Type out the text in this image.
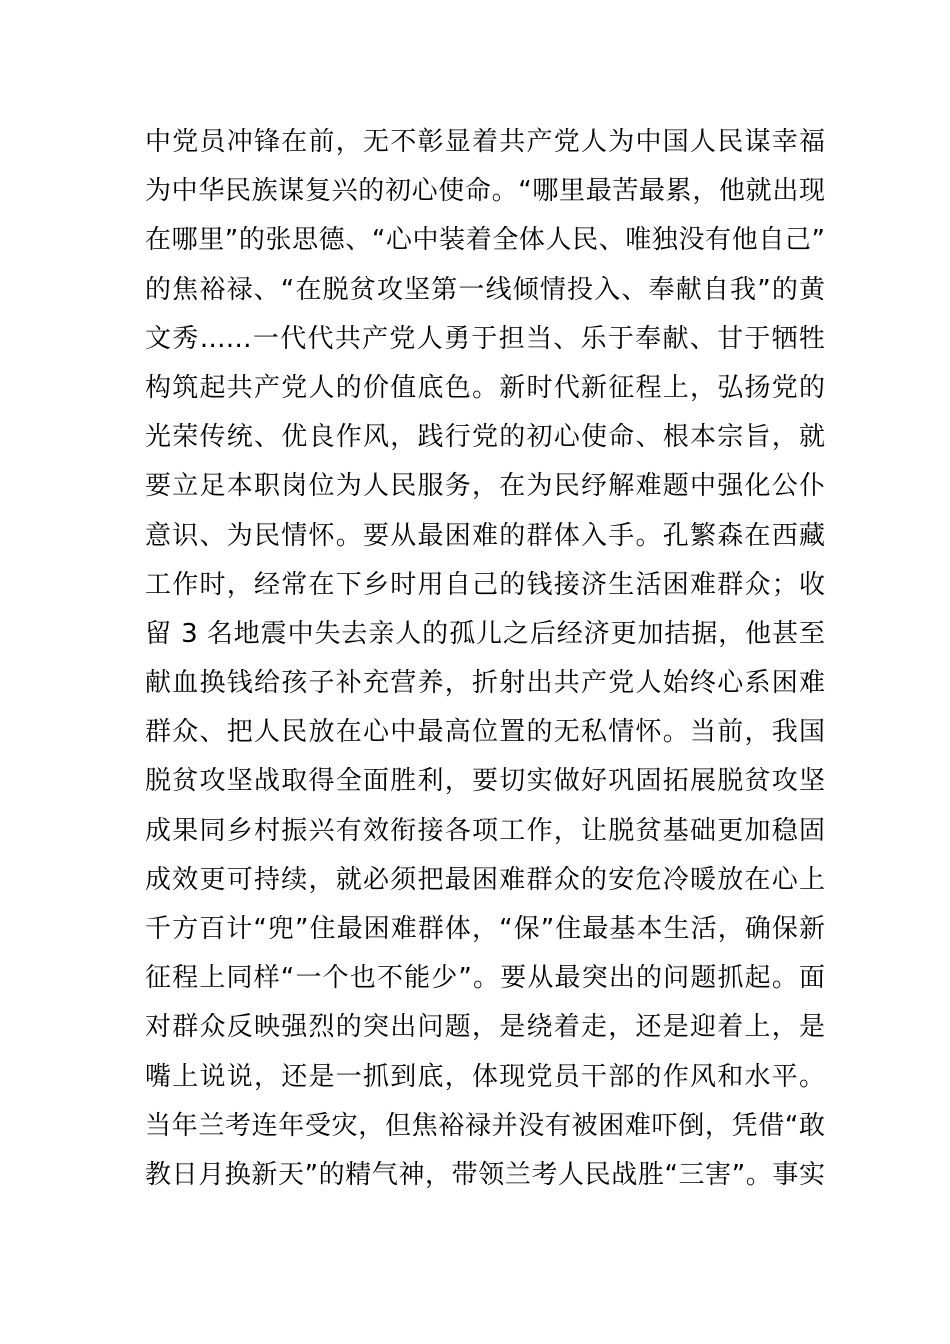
中党员冲锋在前，无不彰显着共产党人为中国人民谋幸福
为中华民族谋复兴的初心使命。“哪里最苦最累，他就出现
在哪里”的张思德、“心中装着全体人民、唯独没有他自己”
的焦裕禄、“在脱贫攻坚第一线倾情投入、奉献自我”的黄
文秀……一代代共产党人勇于担当、乐于奉献、甘于牺牲
构筑起共产党人的价值底色。新时代新征程上，弘扬党的
光荣传统、优良作风，践行党的初心使命、根本宗旨，就
要立足本职岗位为人民服务，在为民纾解难题中强化公仆
意识、为民情怀。要从最困难的群体入手。孔繁森在西藏
工作时，经常在下乡时用自己的钱接济生活困难群众；收
留 3 名地震中失去亲人的孤儿之后经济更加拮据，他甚至
献血换钱给孩子补充营养，折射出共产党人始终心系困难
群众、把人民放在心中最高位置的无私情怀。当前，我国
脱贫攻坚战取得全面胜利，要切实做好巩固拓展脱贫攻坚
成果同乡村振兴有效衔接各项工作，让脱贫基础更加稳固
成效更可持续，就必须把最困难群众的安危冷暖放在心上
千方百计“兜”住最困难群体，“保”住最基本生活，确保新
征程上同样“一个也不能少”。要从最突出的问题抓起。面
对群众反映强烈的突出问题，是绕着走，还是迎着上，是
嘴上说说，还是一抓到底，体现党员干部的作风和水平。
当年兰考连年受灾，但焦裕禄并没有被困难吓倒，凭借“敢
教日月换新天”的精气神，带领兰考人民战胜“三害”。事实
